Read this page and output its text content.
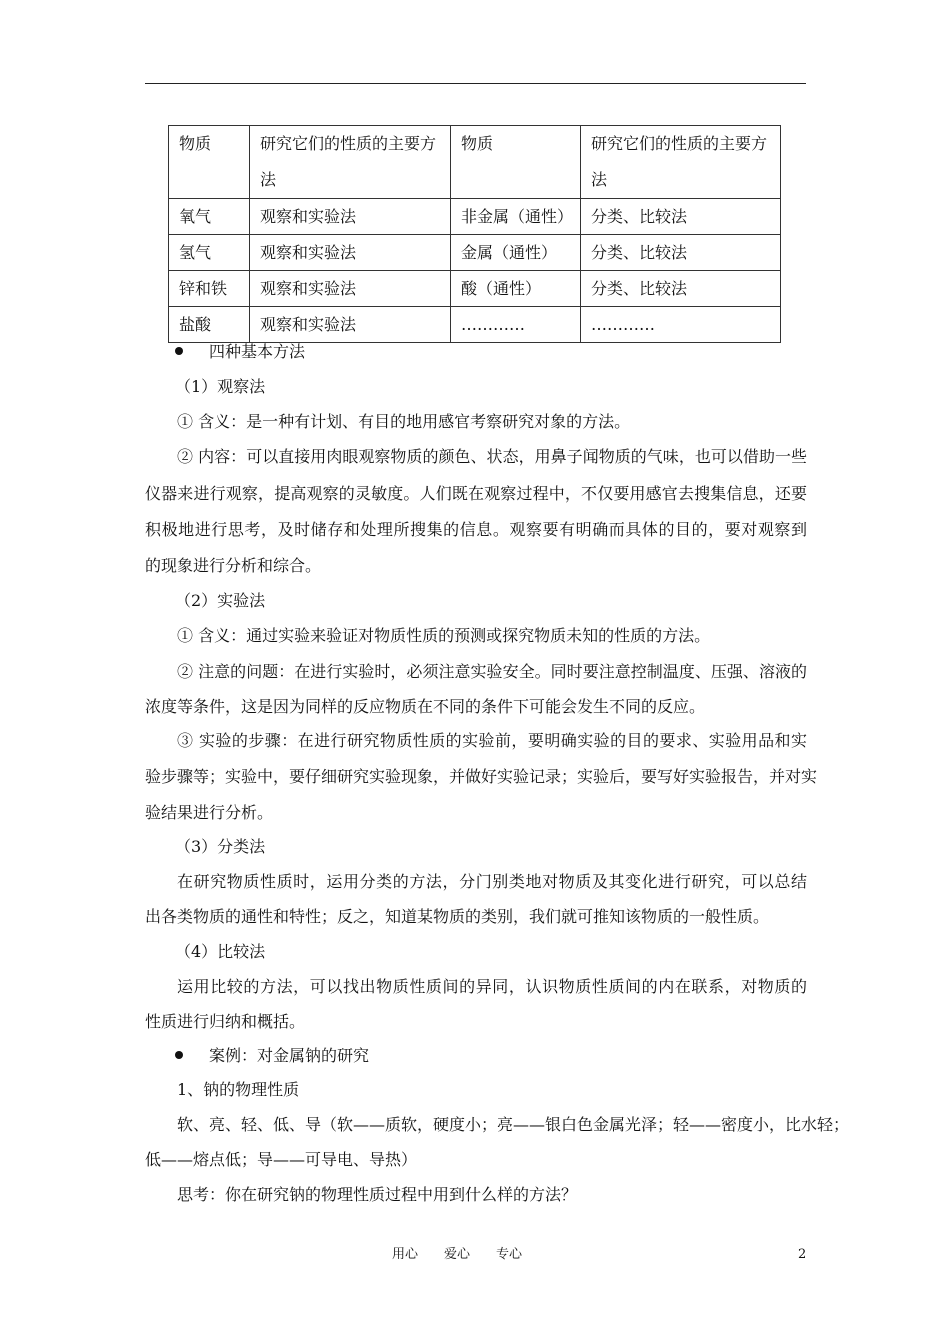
物质	研究它们的性质的主要方法	物质	研究它们的性质的主要方法
氧气	观察和实验法	非金属（通性）	分类、比较法
氢气	观察和实验法	金属（通性）	分类、比较法
锌和铁	观察和实验法	酸（通性）	分类、比较法
盐酸	观察和实验法	…………	…………
四种基本方法
（1）观察法
① 含义：是一种有计划、有目的地用感官考察研究对象的方法。
② 内容：可以直接用肉眼观察物质的颜色、状态，用鼻子闻物质的气味，也可以借助一些
仪器来进行观察，提高观察的灵敏度。人们既在观察过程中，不仅要用感官去搜集信息，还要
积极地进行思考，及时储存和处理所搜集的信息。观察要有明确而具体的目的，要对观察到
的现象进行分析和综合。
（2）实验法
① 含义：通过实验来验证对物质性质的预测或探究物质未知的性质的方法。
② 注意的问题：在进行实验时，必须注意实验安全。同时要注意控制温度、压强、溶液的
浓度等条件，这是因为同样的反应物质在不同的条件下可能会发生不同的反应。
③ 实验的步骤：在进行研究物质性质的实验前，要明确实验的目的要求、实验用品和实
验步骤等；实验中，要仔细研究实验现象，并做好实验记录；实验后，要写好实验报告，并对实
验结果进行分析。
（3）分类法
在研究物质性质时，运用分类的方法，分门别类地对物质及其变化进行研究，可以总结
出各类物质的通性和特性；反之，知道某物质的类别，我们就可推知该物质的一般性质。
（4）比较法
运用比较的方法，可以找出物质性质间的异同，认识物质性质间的内在联系，对物质的
性质进行归纳和概括。
案例：对金属钠的研究
1、钠的物理性质
软、亮、轻、低、导（软——质软，硬度小；亮——银白色金属光泽；轻——密度小，比水轻；
低——熔点低；导——可导电、导热）
思考：你在研究钠的物理性质过程中用到什么样的方法？
用心　　爱心　　专心	2
